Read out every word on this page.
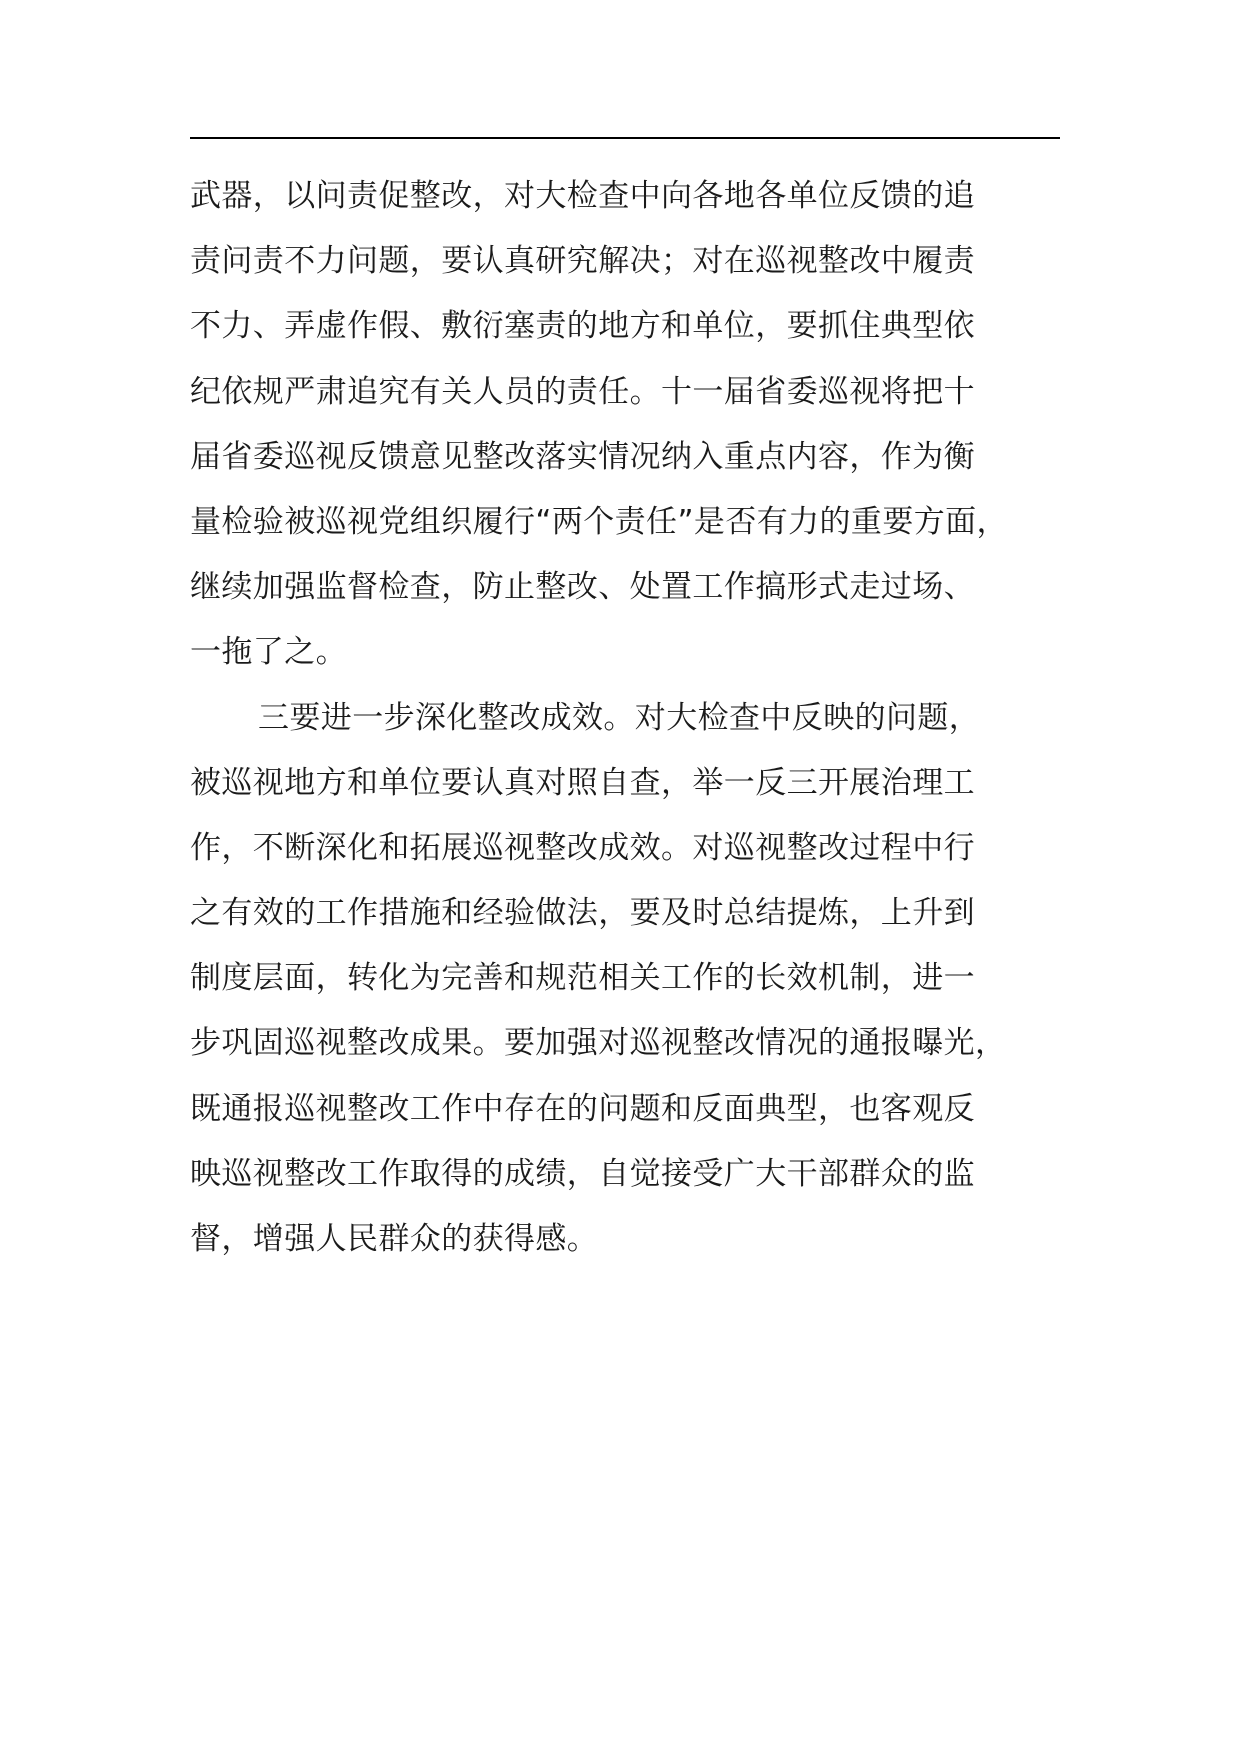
武器，以问责促整改，对大检查中向各地各单位反馈的追
责问责不力问题，要认真研究解决；对在巡视整改中履责
不力、弄虚作假、敷衍塞责的地方和单位，要抓住典型依
纪依规严肃追究有关人员的责任。十一届省委巡视将把十
届省委巡视反馈意见整改落实情况纳入重点内容，作为衡
量检验被巡视党组织履行“两个责任”是否有力的重要方面，
继续加强监督检查，防止整改、处置工作搞形式走过场、
一拖了之。
三要进一步深化整改成效。对大检查中反映的问题，
被巡视地方和单位要认真对照自查，举一反三开展治理工
作，不断深化和拓展巡视整改成效。对巡视整改过程中行
之有效的工作措施和经验做法，要及时总结提炼，上升到
制度层面，转化为完善和规范相关工作的长效机制，进一
步巩固巡视整改成果。要加强对巡视整改情况的通报曝光，
既通报巡视整改工作中存在的问题和反面典型，也客观反
映巡视整改工作取得的成绩，自觉接受广大干部群众的监
督，增强人民群众的获得感。
